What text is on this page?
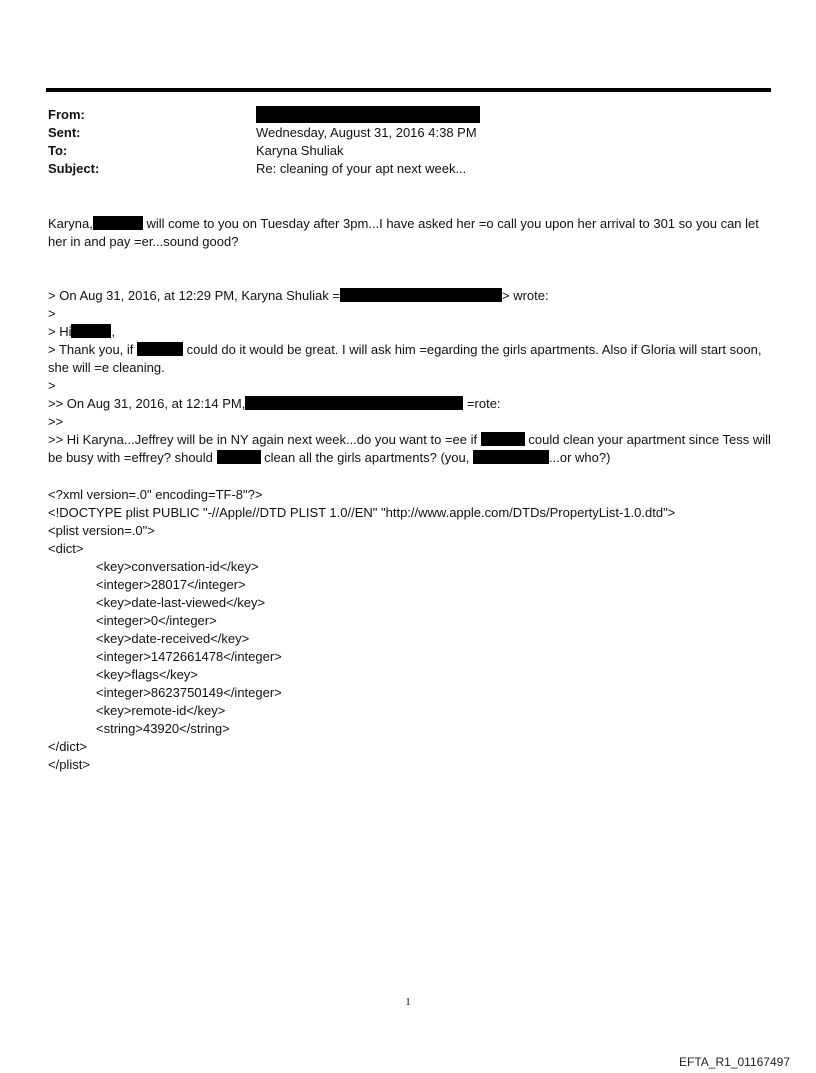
From:
Sent:	Wednesday, August 31, 2016 4:38 PM
To:	Karyna Shuliak
Subject:	Re: cleaning of your apt next week...
Karyna,	will come to you on Tuesday after 3pm...I have asked her =o call you upon her arrival to 301 so you can let her in and pay =er...sound good?
> On Aug 31, 2016, at 12:29 PM, Karyna Shuliak =	> wrote:
>
> Hi	,
> Thank you, if	could do it would be great. I will ask him =egarding the girls apartments. Also if Gloria will start soon, she will =e cleaning.
>
>> On Aug 31, 2016, at 12:14 PM,	=rote:
>>
>> Hi Karyna...Jeffrey will be in NY again next week...do you want to =ee if	could clean your apartment since Tess will be busy with =effrey? should	clean all the girls apartments? (you,	...or who?)
<?xml version=.0" encoding=TF-8"?>
<!DOCTYPE plist PUBLIC "-//Apple//DTD PLIST 1.0//EN" "http://www.apple.com/DTDs/PropertyList-1.0.dtd">
<plist version=.0">
<dict>
<key>conversation-id</key>
<integer>28017</integer>
<key>date-last-viewed</key>
<integer>0</integer>
<key>date-received</key>
<integer>1472661478</integer>
<key>flags</key>
<integer>8623750149</integer>
<key>remote-id</key>
<string>43920</string>
</dict>
</plist>
1
EFTA_R1_01167497
